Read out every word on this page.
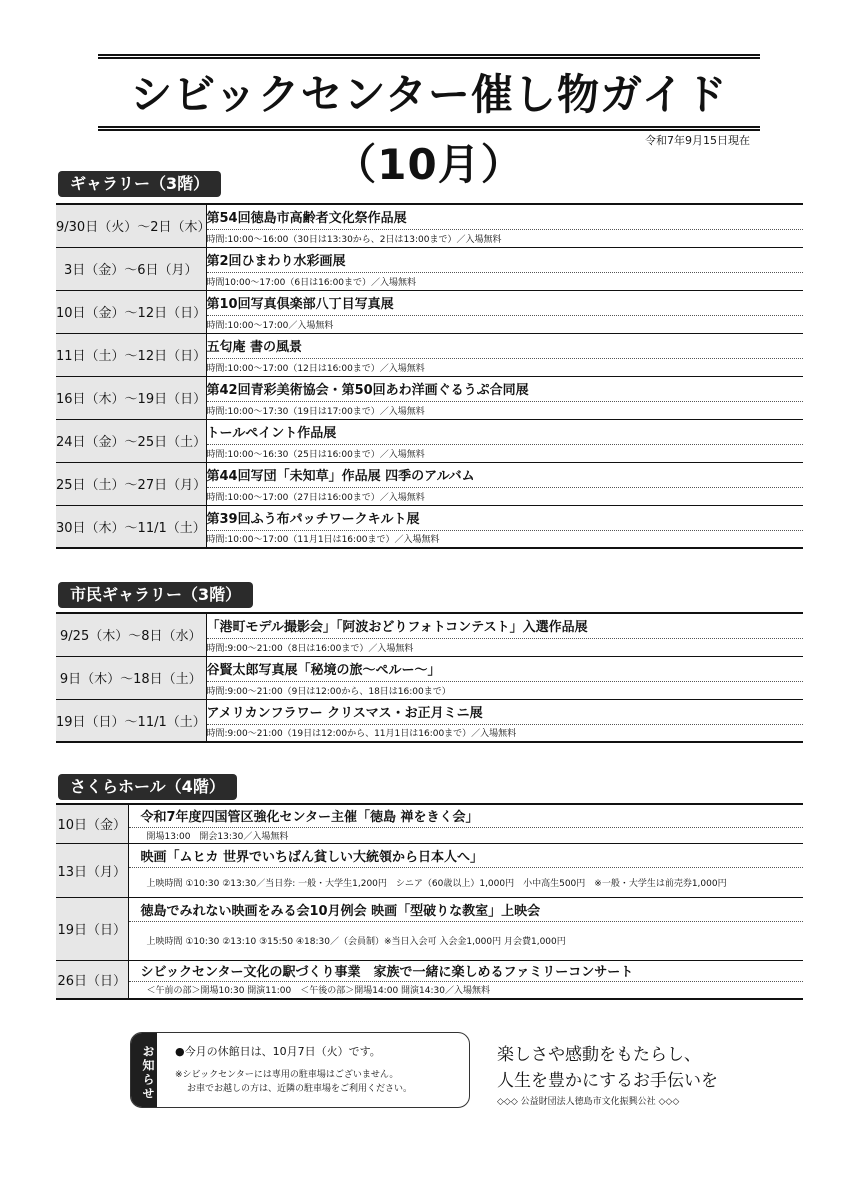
シビックセンター催し物ガイド（10月）	令和7年9月15日現在
ギャラリー（3階）
9/30日（火）～2日（木）	第54回徳島市高齢者文化祭作品展
	時間:10:00～16:00（30日は13:30から、2日は13:00まで）／入場無料
3日（金）～6日（月）	第2回ひまわり水彩画展
	時間10:00～17:00（6日は16:00まで）／入場無料
10日（金）～12日（日）	第10回写真倶楽部八丁目写真展
	時間:10:00～17:00／入場無料
11日（土）～12日（日）	五匂庵 書の風景
	時間:10:00～17:00（12日は16:00まで）／入場無料
16日（木）～19日（日）	第42回青彩美術協会・第50回あわ洋画ぐるうぷ合同展
	時間:10:00～17:30（19日は17:00まで）／入場無料
24日（金）～25日（土）	トールペイント作品展
	時間:10:00～16:30（25日は16:00まで）／入場無料
25日（土）～27日（月）	第44回写団「未知草」作品展 四季のアルバム
	時間:10:00～17:00（27日は16:00まで）／入場無料
30日（木）～11/1（土）	第39回ふう布パッチワークキルト展
	時間:10:00～17:00（11月1日は16:00まで）／入場無料
市民ギャラリー（3階）
9/25（木）～8日（水）	「港町モデル撮影会」「阿波おどりフォトコンテスト」入選作品展
	時間:9:00～21:00（8日は16:00まで）／入場無料
9日（木）～18日（土）	谷賢太郎写真展「秘境の旅～ペルー～」
	時間:9:00～21:00（9日は12:00から、18日は16:00まで）
19日（日）～11/1（土）	アメリカンフラワー クリスマス・お正月ミニ展
	時間:9:00～21:00（19日は12:00から、11月1日は16:00まで）／入場無料
さくらホール（4階）
10日（金）	令和7年度四国管区強化センター主催「徳島 禅をきく会」
	開場13:00　開会13:30／入場無料
13日（月）	映画「ムヒカ 世界でいちばん貧しい大統領から日本人へ」
	上映時間 ①10:30 ②13:30／当日券: 一般・大学生1,200円　シニア（60歳以上）1,000円　小中高生500円　※一般・大学生は前売券1,000円
19日（日）	徳島でみれない映画をみる会10月例会 映画「型破りな教室」上映会
	上映時間 ①10:30 ②13:10 ③15:50 ④18:30／（会員制）※当日入会可 入会金1,000円 月会費1,000円
26日（日）	シビックセンター文化の駅づくり事業　家族で一緒に楽しめるファミリーコンサート
	＜午前の部＞開場10:30 開演11:00　＜午後の部＞開場14:00 開演14:30／入場無料
お知らせ ●今月の休館日は、10月7日（火）です。
※シビックセンターには専用の駐車場はございません。
お車でお越しの方は、近隣の駐車場をご利用ください。
楽しさや感動をもたらし、
人生を豊かにするお手伝いを
◇◇◇ 公益財団法人徳島市文化振興公社 ◇◇◇
